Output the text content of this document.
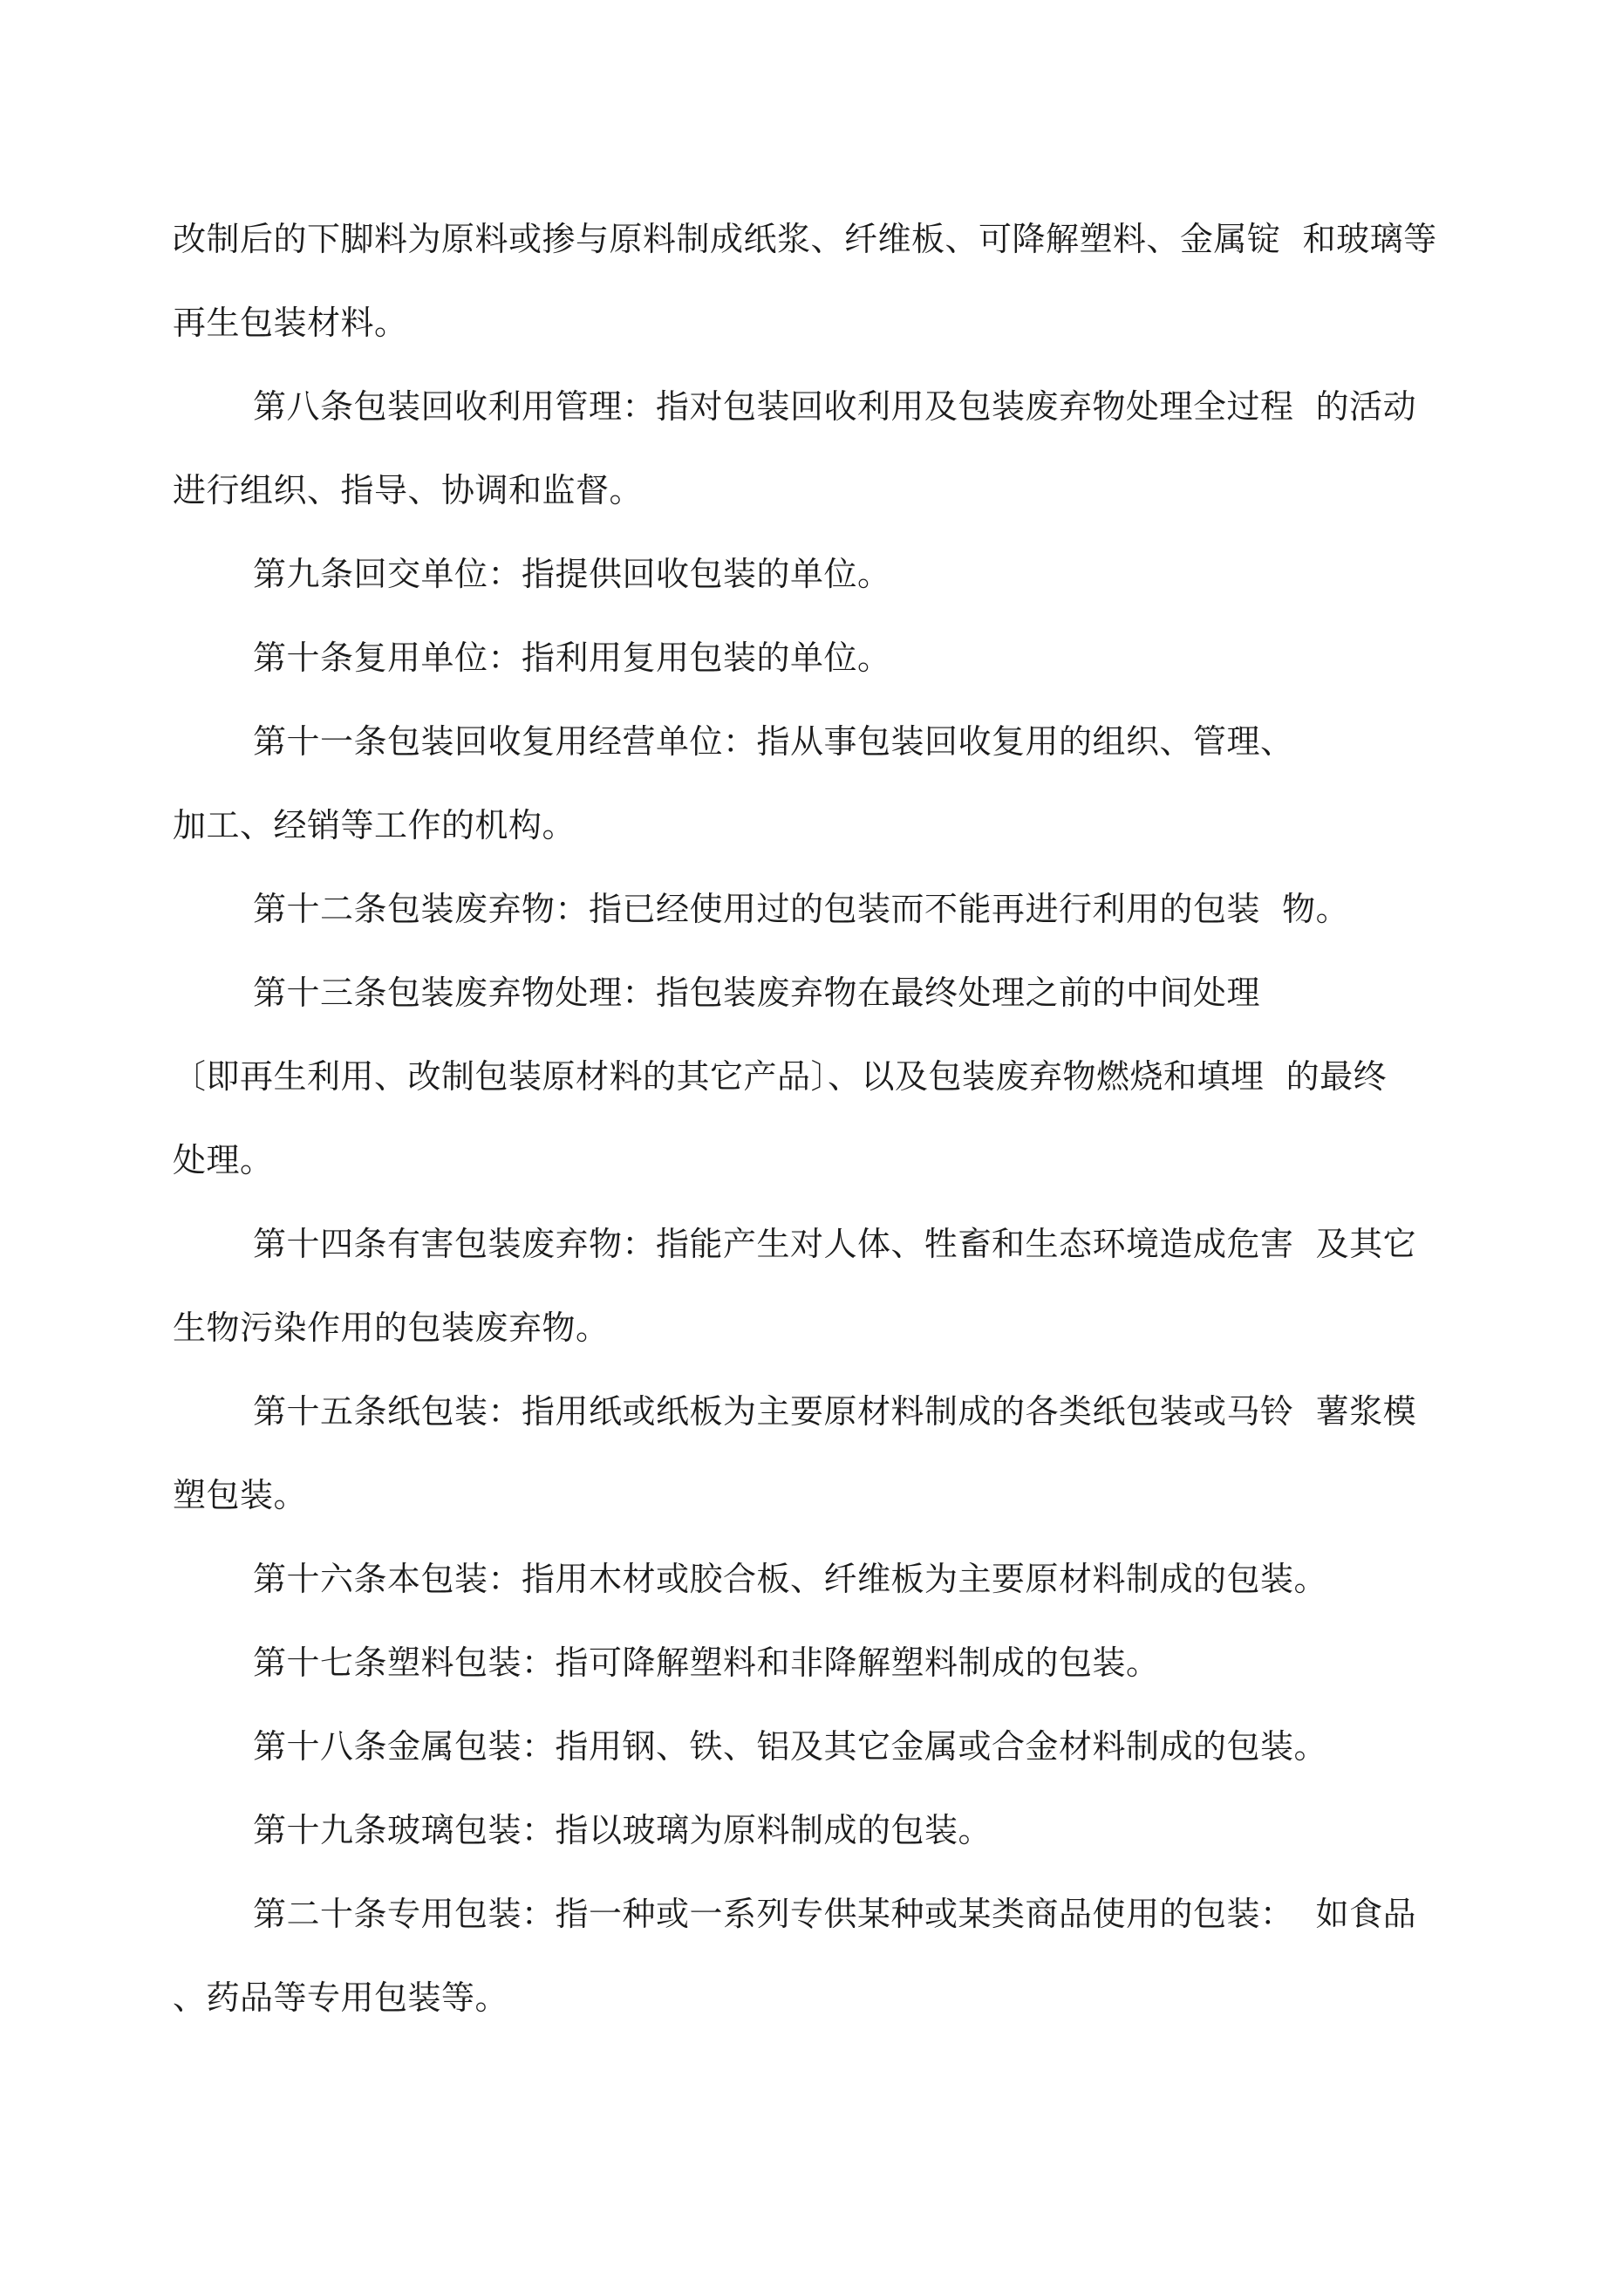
改制后的下脚料为原料或掺与原料制成纸浆、纤维板、可降解塑料、金属锭  和玻璃等
再生包装材料。
第八条包装回收利用管理：指对包装回收利用及包装废弃物处理全过程  的活动
进行组织、指导、协调和监督。
第九条回交单位：指提供回收包装的单位。
第十条复用单位：指利用复用包装的单位。
第十一条包装回收复用经营单位：指从事包装回收复用的组织、管理、
加工、经销等工作的机构。
第十二条包装废弃物：指已经使用过的包装而不能再进行利用的包装  物。
第十三条包装废弃物处理：指包装废弃物在最终处理之前的中间处理
〔即再生利用、改制包装原材料的其它产品〕、以及包装废弃物燃烧和填埋  的最终
处理。
第十四条有害包装废弃物：指能产生对人体、牲畜和生态环境造成危害  及其它
生物污染作用的包装废弃物。
第十五条纸包装：指用纸或纸板为主要原材料制成的各类纸包装或马铃  薯浆模
塑包装。
第十六条本包装：指用木材或胶合板、纤维板为主要原材料制成的包装。
第十七条塑料包装：指可降解塑料和非降解塑料制成的包装。
第十八条金属包装：指用钢、铁、铝及其它金属或合金材料制成的包装。
第十九条玻璃包装：指以玻璃为原料制成的包装。
第二十条专用包装：指一种或一系列专供某种或某类商品使用的包装：  如食品
、药品等专用包装等。
